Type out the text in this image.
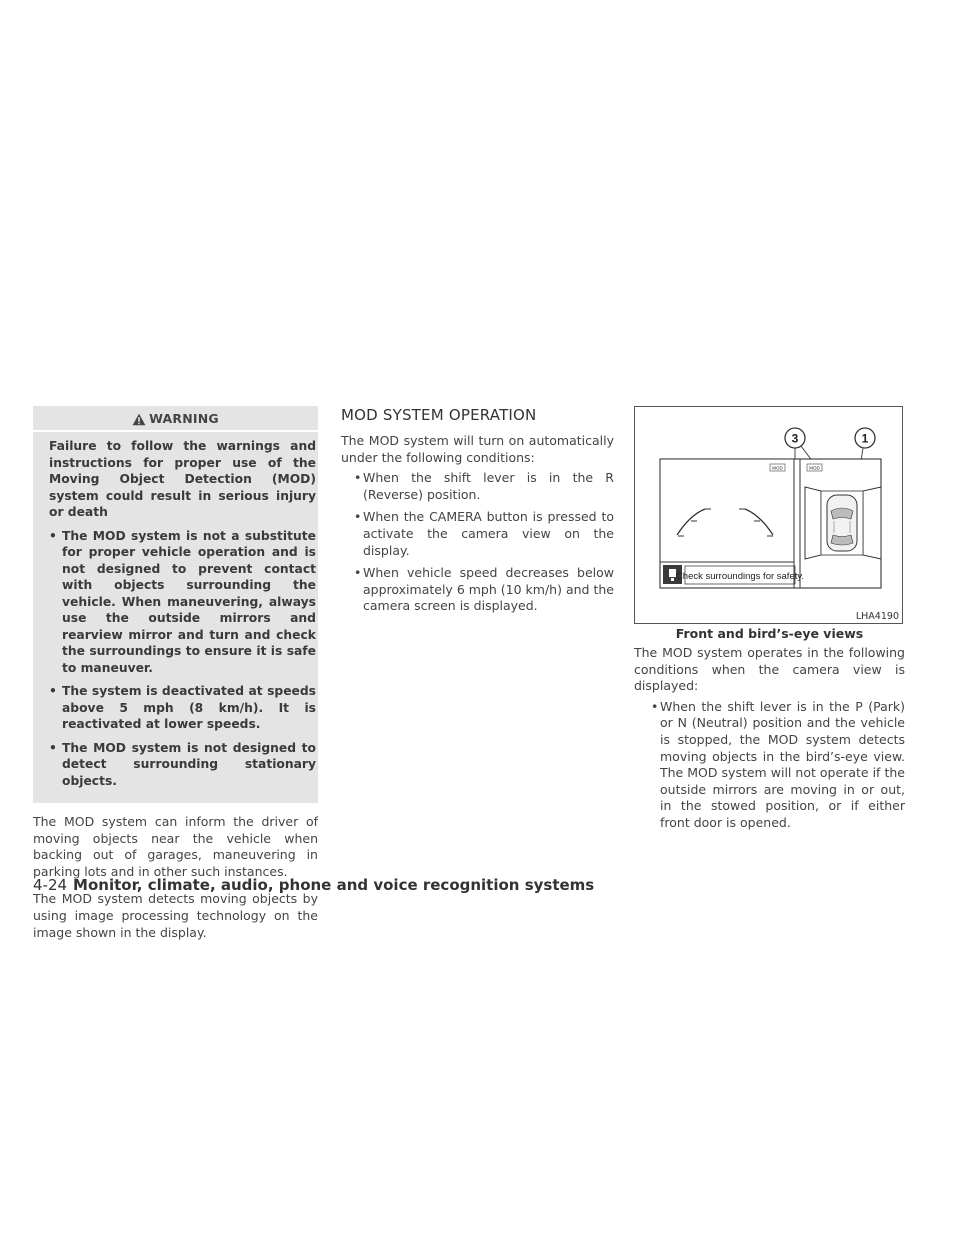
WARNING

Failure to follow the warnings and instructions for proper use of the Moving Object Detection (MOD) system could result in serious injury or death

• The MOD system is not a substitute for proper vehicle operation and is not designed to prevent contact with objects surrounding the vehicle. When maneuvering, always use the outside mirrors and rearview mirror and turn and check the surroundings to ensure it is safe to maneuver.
• The system is deactivated at speeds above 5 mph (8 km/h). It is reactivated at lower speeds.
• The MOD system is not designed to detect surrounding stationary objects.

The MOD system can inform the driver of moving objects near the vehicle when backing out of garages, maneuvering in parking lots and in other such instances.

The MOD system detects moving objects by using image processing technology on the image shown in the display.

MOD SYSTEM OPERATION

The MOD system will turn on automatically under the following conditions:

• When the shift lever is in the R (Reverse) position.
• When the CAMERA button is pressed to activate the camera view on the display.
• When vehicle speed decreases below approximately 6 mph (10 km/h) and the camera screen is displayed.
3	1
MOD	MOD
Check surroundings for safety.
LHA4190
Front and bird’s-eye views

The MOD system operates in the following conditions when the camera view is displayed:

• When the shift lever is in the P (Park) or N (Neutral) position and the vehicle is stopped, the MOD system detects moving objects in the bird’s-eye view. The MOD system will not operate if the outside mirrors are moving in or out, in the stowed position, or if either front door is opened.
4-24 Monitor, climate, audio, phone and voice recognition systems
